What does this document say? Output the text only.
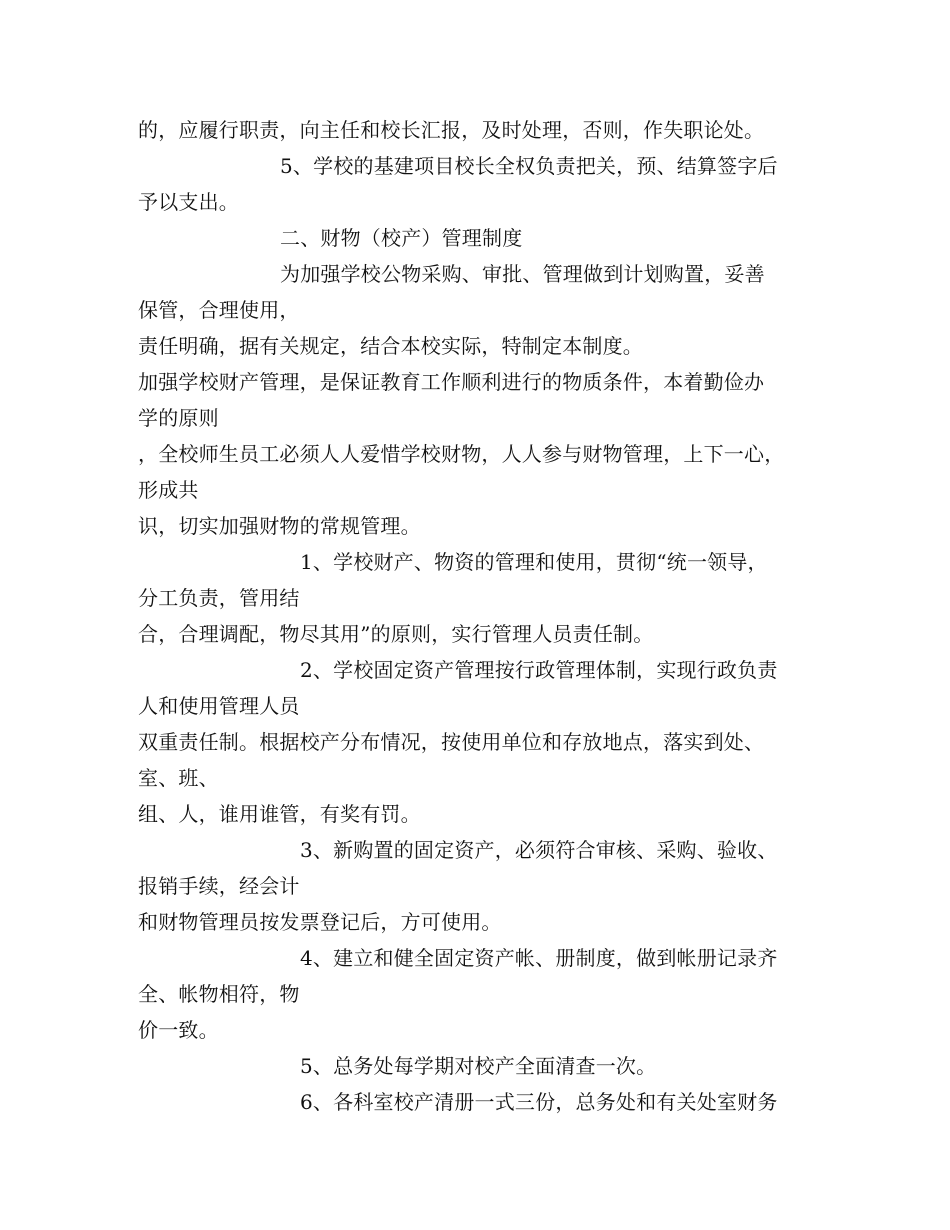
的，应履行职责，向主任和校长汇报，及时处理，否则，作失职论处。
5、学校的基建项目校长全权负责把关，预、结算签字后
予以支出。
二、财物（校产）管理制度
为加强学校公物采购、审批、管理做到计划购置，妥善
保管，合理使用，
责任明确，据有关规定，结合本校实际，特制定本制度。
加强学校财产管理，是保证教育工作顺利进行的物质条件，本着勤俭办
学的原则
，全校师生员工必须人人爱惜学校财物，人人参与财物管理，上下一心，
形成共
识，切实加强财物的常规管理。
1、学校财产、物资的管理和使用，贯彻“统一领导，
分工负责，管用结
合，合理调配，物尽其用”的原则，实行管理人员责任制。
2、学校固定资产管理按行政管理体制，实现行政负责
人和使用管理人员
双重责任制。根据校产分布情况，按使用单位和存放地点，落实到处、
室、班、
组、人，谁用谁管，有奖有罚。
3、新购置的固定资产，必须符合审核、采购、验收、
报销手续，经会计
和财物管理员按发票登记后，方可使用。
4、建立和健全固定资产帐、册制度，做到帐册记录齐
全、帐物相符，物
价一致。
5、总务处每学期对校产全面清查一次。
6、各科室校产清册一式三份，总务处和有关处室财务
